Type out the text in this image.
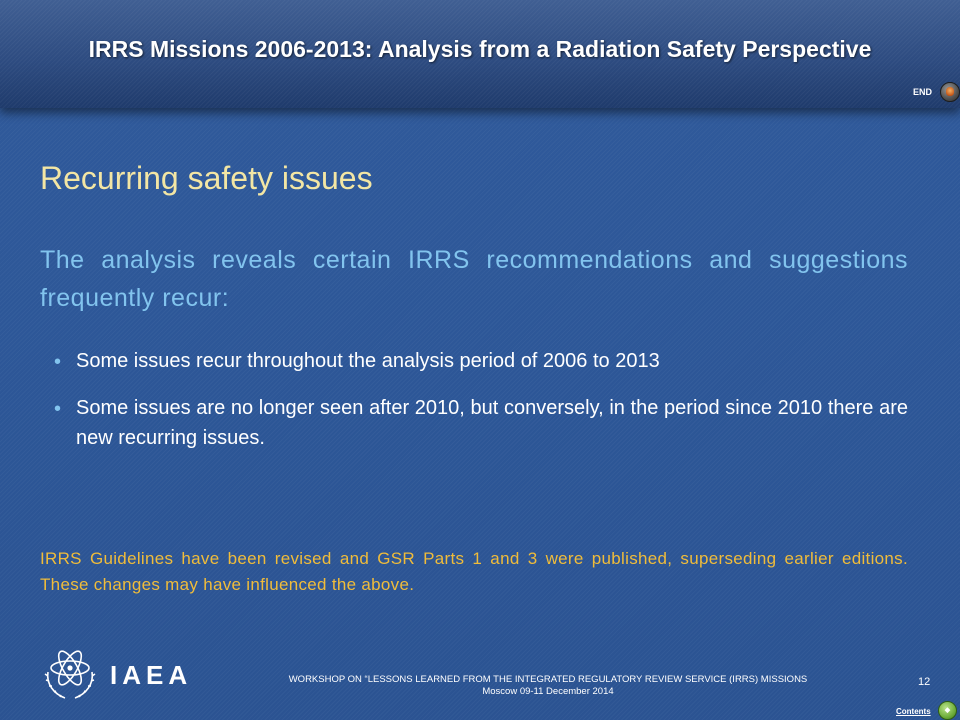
IRRS Missions 2006-2013: Analysis from a Radiation Safety Perspective
END
Recurring safety issues
The analysis reveals certain IRRS recommendations and suggestions frequently recur:
• Some issues recur throughout the analysis period of 2006 to 2013
• Some issues are no longer seen after 2010, but conversely, in the period since 2010 there are new recurring issues.
IRRS Guidelines have been revised and GSR Parts 1 and 3 were published, superseding earlier editions. These changes may have influenced the above.
IAEA	WORKSHOP ON “LESSONS LEARNED FROM THE INTEGRATED REGULATORY REVIEW SERVICE (IRRS) MISSIONS
Moscow 09-11 December 2014
12
Contents	◆
